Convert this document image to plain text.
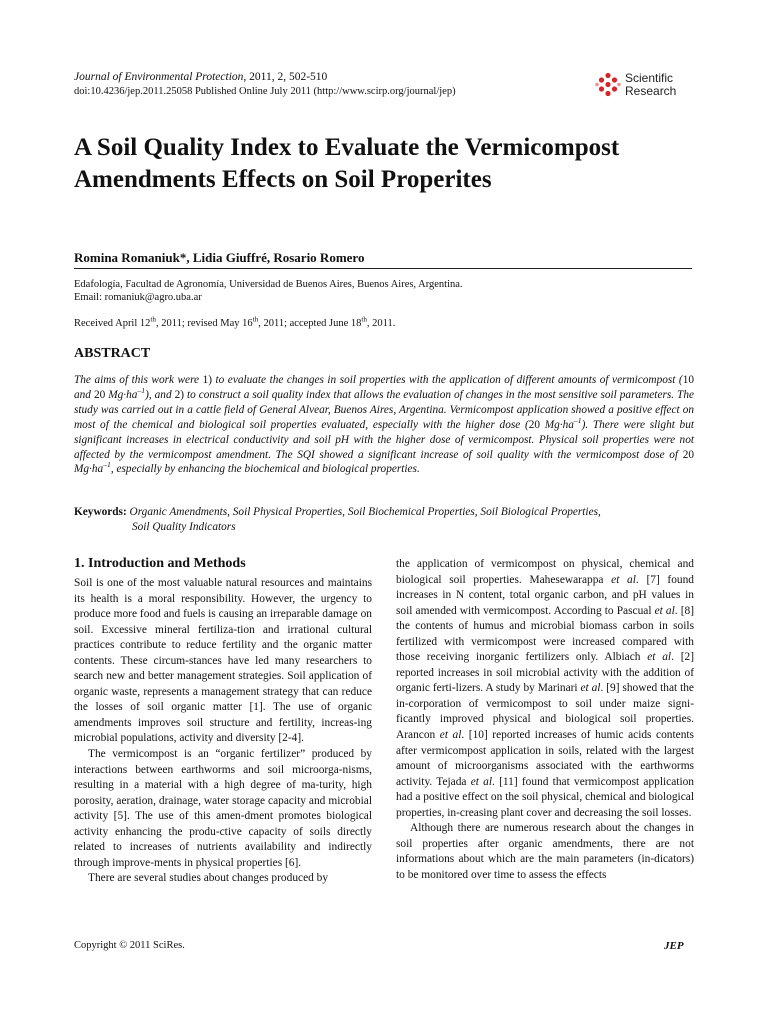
Journal of Environmental Protection, 2011, 2, 502-510
doi:10.4236/jep.2011.25058 Published Online July 2011 (http://www.scirp.org/journal/jep)
Scientific
Research
A Soil Quality Index to Evaluate the Vermicompost Amendments Effects on Soil Properites
Romina Romaniuk*, Lidia Giuffré, Rosario Romero
Edafología, Facultad de Agronomía, Universidad de Buenos Aires, Buenos Aires, Argentina.
Email: romaniuk@agro.uba.ar
Received April 12th, 2011; revised May 16th, 2011; accepted June 18th, 2011.
ABSTRACT
The aims of this work were 1) to evaluate the changes in soil properties with the application of different amounts of vermicompost (10 and 20 $Mg\cdot ha^{-1}$), and 2) to construct a soil quality index that allows the evaluation of changes in the most sensitive soil parameters. The study was carried out in a cattle field of General Alvear, Buenos Aires, Argentina. Vermicompost application showed a positive effect on most of the chemical and biological soil properties evaluated, especially with the higher dose (20 $Mg\cdot ha^{-1}$). There were slight but significant increases in electrical conductivity and soil pH with the higher dose of vermicompost. Physical soil properties were not affected by the vermicompost amendment. The SQI showed a significant increase of soil quality with the vermicompost dose of 20 $Mg\cdot ha^{-1}$, especially by enhancing the biochemical and biological properties.
Keywords: Organic Amendments, Soil Physical Properties, Soil Biochemical Properties, Soil Biological Properties,
Soil Quality Indicators
1. Introduction and Methods

Soil is one of the most valuable natural resources and maintains its health is a moral responsibility. However, the urgency to produce more food and fuels is causing an irreparable damage on soil. Excessive mineral fertiliza-tion and irrational cultural practices contribute to reduce fertility and the organic matter contents. These circum-stances have led many researchers to search new and better management strategies. Soil application of organic waste, represents a management strategy that can reduce the losses of soil organic matter [1]. The use of organic amendments improves soil structure and fertility, increas-ing microbial populations, activity and diversity [2-4].

The vermicompost is an “organic fertilizer” produced by interactions between earthworms and soil microorga-nisms, resulting in a material with a high degree of ma-turity, high porosity, aeration, drainage, water storage capacity and microbial activity [5]. The use of this amen-dment promotes biological activity enhancing the produ-ctive capacity of soils directly related to increases of nutrients availability and indirectly through improve-ments in physical properties [6].

There are several studies about changes produced by

the application of vermicompost on physical, chemical and biological soil properties. Mahesewarappa et al. [7] found increases in N content, total organic carbon, and pH values in soil amended with vermicompost. According to Pascual et al. [8] the contents of humus and microbial biomass carbon in soils fertilized with vermicompost were increased compared with those receiving inorganic fertilizers only. Albiach et al. [2] reported increases in soil microbial activity with the addition of organic ferti-lizers. A study by Marinari et al. [9] showed that the in-corporation of vermicompost to soil under maize signi-ficantly improved physical and biological soil properties. Arancon et al. [10] reported increases of humic acids contents after vermicompost application in soils, related with the largest amount of microorganisms associated with the earthworms activity. Tejada et al. [11] found that vermicompost application had a positive effect on the soil physical, chemical and biological properties, in-creasing plant cover and decreasing the soil losses.

Although there are numerous research about the changes in soil properties after organic amendments, there are not informations about which are the main parameters (in-dicators) to be monitored over time to assess the effects

Copyright © 2011 SciRes.	JEP
